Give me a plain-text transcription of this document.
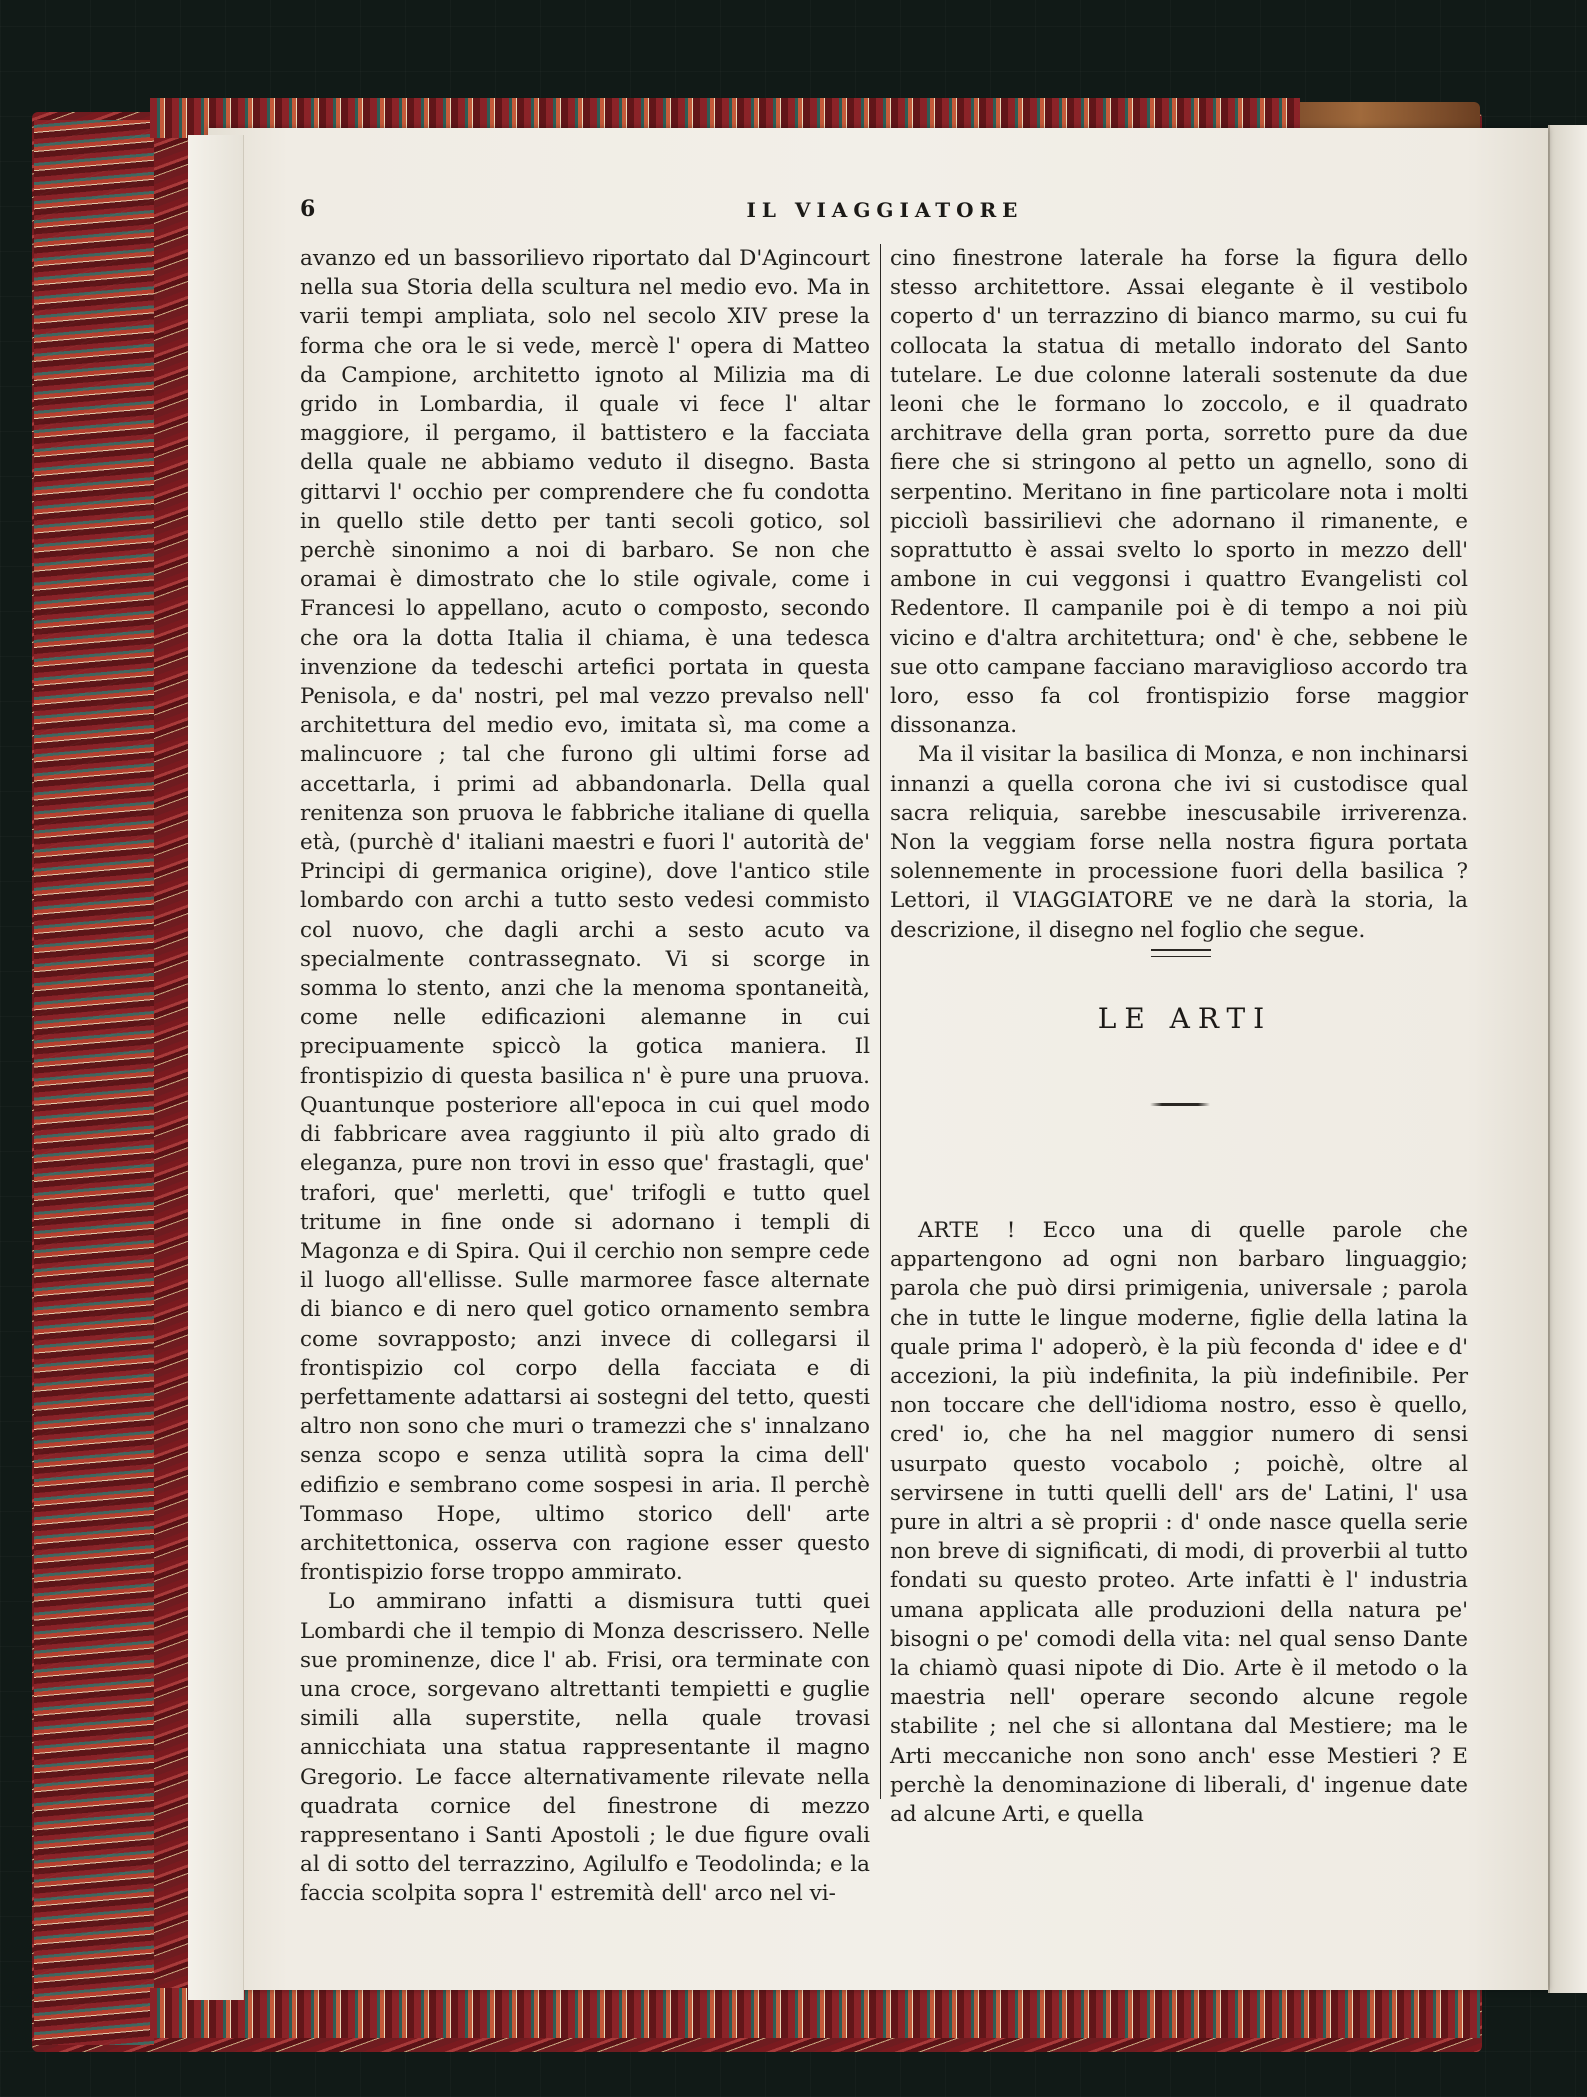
6	IL VIAGGIATORE

avanzo ed un bassorilievo riportato dal D'Agincourt nella sua Storia della scultura nel medio evo. Ma in varii tempi ampliata, solo nel secolo XIV prese la forma che ora le si vede, mercè l' opera di Matteo da Campione, architetto ignoto al Milizia ma di grido in Lombardia, il quale vi fece l' altar maggiore, il pergamo, il battistero e la facciata della quale ne abbiamo veduto il disegno. Basta gittarvi l' occhio per comprendere che fu condotta in quello stile detto per tanti secoli gotico, sol perchè sinonimo a noi di barbaro. Se non che oramai è dimostrato che lo stile ogivale, come i Francesi lo appellano, acuto o composto, secondo che ora la dotta Italia il chiama, è una tedesca invenzione da tedeschi artefici portata in questa Penisola, e da' nostri, pel mal vezzo prevalso nell' architettura del medio evo, imitata sì, ma come a malincuore ; tal che furono gli ultimi forse ad accettarla, i primi ad abbandonarla. Della qual renitenza son pruova le fabbriche italiane di quella età, (purchè d' italiani maestri e fuori l' autorità de' Principi di germanica origine), dove l'antico stile lombardo con archi a tutto sesto vedesi commisto col nuovo, che dagli archi a sesto acuto va specialmente contrassegnato. Vi si scorge in somma lo stento, anzi che la menoma spontaneità, come nelle edificazioni alemanne in cui precipuamente spiccò la gotica maniera. Il frontispizio di questa basilica n' è pure una pruova. Quantunque posteriore all'epoca in cui quel modo di fabbricare avea raggiunto il più alto grado di eleganza, pure non trovi in esso que' frastagli, que' trafori, que' merletti, que' trifogli e tutto quel tritume in fine onde si adornano i templi di Magonza e di Spira. Qui il cerchio non sempre cede il luogo all'ellisse. Sulle marmoree fasce alternate di bianco e di nero quel gotico ornamento sembra come sovrapposto; anzi invece di collegarsi il frontispizio col corpo della facciata e di perfettamente adattarsi ai sostegni del tetto, questi altro non sono che muri o tramezzi che s' innalzano senza scopo e senza utilità sopra la cima dell' edifizio e sembrano come sospesi in aria. Il perchè Tommaso Hope, ultimo storico dell' arte architettonica, osserva con ragione esser questo frontispizio forse troppo ammirato.

Lo ammirano infatti a dismisura tutti quei Lombardi che il tempio di Monza descrissero. Nelle sue prominenze, dice l' ab. Frisi, ora terminate con una croce, sorgevano altrettanti tempietti e guglie simili alla superstite, nella quale trovasi annicchiata una statua rappresentante il magno Gregorio. Le facce alternativamente rilevate nella quadrata cornice del finestrone di mezzo rappresentano i Santi Apostoli ; le due figure ovali al di sotto del terrazzino, Agilulfo e Teodolinda; e la faccia scolpita sopra l' estremità dell' arco nel vi-

cino finestrone laterale ha forse la figura dello stesso architettore. Assai elegante è il vestibolo coperto d' un terrazzino di bianco marmo, su cui fu collocata la statua di metallo indorato del Santo tutelare. Le due colonne laterali sostenute da due leoni che le formano lo zoccolo, e il quadrato architrave della gran porta, sorretto pure da due fiere che si stringono al petto un agnello, sono di serpentino. Meritano in fine particolare nota i molti picciolì bassirilievi che adornano il rimanente, e soprattutto è assai svelto lo sporto in mezzo dell' ambone in cui veggonsi i quattro Evangelisti col Redentore. Il campanile poi è di tempo a noi più vicino e d'altra architettura; ond' è che, sebbene le sue otto campane facciano maraviglioso accordo tra loro, esso fa col frontispizio forse maggior dissonanza.

Ma il visitar la basilica di Monza, e non inchinarsi innanzi a quella corona che ivi si custodisce qual sacra reliquia, sarebbe inescusabile irriverenza. Non la veggiam forse nella nostra figura portata solennemente in processione fuori della basilica ? Lettori, il VIAGGIATORE ve ne darà la storia, la descrizione, il disegno nel foglio che segue.

LE ARTI

ARTE ! Ecco una di quelle parole che appartengono ad ogni non barbaro linguaggio; parola che può dirsi primigenia, universale ; parola che in tutte le lingue moderne, figlie della latina la quale prima l' adoperò, è la più feconda d' idee e d' accezioni, la più indefinita, la più indefinibile. Per non toccare che dell'idioma nostro, esso è quello, cred' io, che ha nel maggior numero di sensi usurpato questo vocabolo ; poichè, oltre al servirsene in tutti quelli dell' ars de' Latini, l' usa pure in altri a sè proprii : d' onde nasce quella serie non breve di significati, di modi, di proverbii al tutto fondati su questo proteo. Arte infatti è l' industria umana applicata alle produzioni della natura pe' bisogni o pe' comodi della vita: nel qual senso Dante la chiamò quasi nipote di Dio. Arte è il metodo o la maestria nell' operare secondo alcune regole stabilite ; nel che si allontana dal Mestiere; ma le Arti meccaniche non sono anch' esse Mestieri ? E perchè la denominazione di liberali, d' ingenue date ad alcune Arti, e quella
